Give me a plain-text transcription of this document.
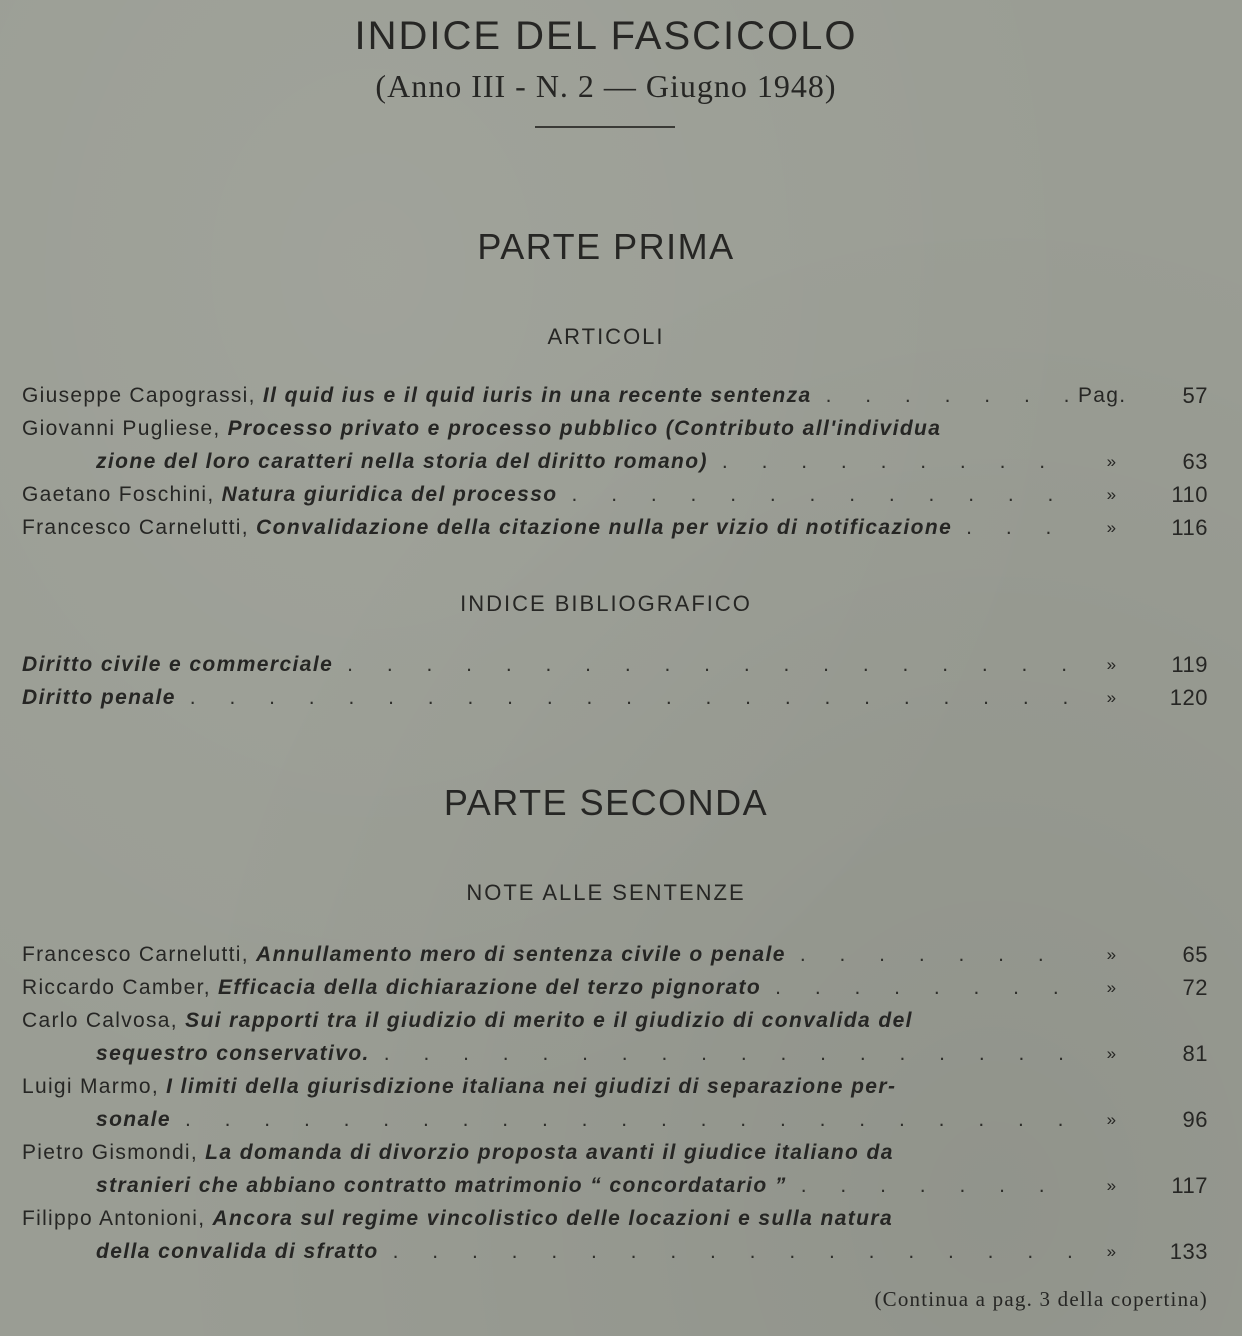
INDICE DEL FASCICOLO
(Anno III - N. 2 — Giugno 1948)
PARTE PRIMA
ARTICOLI
Giuseppe Capograssi, Il quid ius e il quid iuris in una recente sentenza . . .	Pag.	57
Giovanni Pugliese, Processo privato e processo pubblico (Contributo all'individua
zione del loro caratteri nella storia del diritto romano) . . .	»	63
Gaetano Foschini, Natura giuridica del processo . . .	»	110
Francesco Carnelutti, Convalidazione della citazione nulla per vizio di notificazione . . .	»	116
INDICE BIBLIOGRAFICO
Diritto civile e commerciale . . .	»	119
Diritto penale . . .	»	120
PARTE SECONDA
NOTE ALLE SENTENZE
Francesco Carnelutti, Annullamento mero di sentenza civile o penale . . .	»	65
Riccardo Camber, Efficacia della dichiarazione del terzo pignorato . . .	»	72
Carlo Calvosa, Sui rapporti tra il giudizio di merito e il giudizio di convalida del
sequestro conservativo. . . .	»	81
Luigi Marmo, I limiti della giurisdizione italiana nei giudizi di separazione per-
sonale . . .	»	96
Pietro Gismondi, La domanda di divorzio proposta avanti il giudice italiano da
stranieri che abbiano contratto matrimonio “ concordatario ” . . .	»	117
Filippo Antonioni, Ancora sul regime vincolistico delle locazioni e sulla natura
della convalida di sfratto . . .	»	133
(Continua a pag. 3 della copertina)
